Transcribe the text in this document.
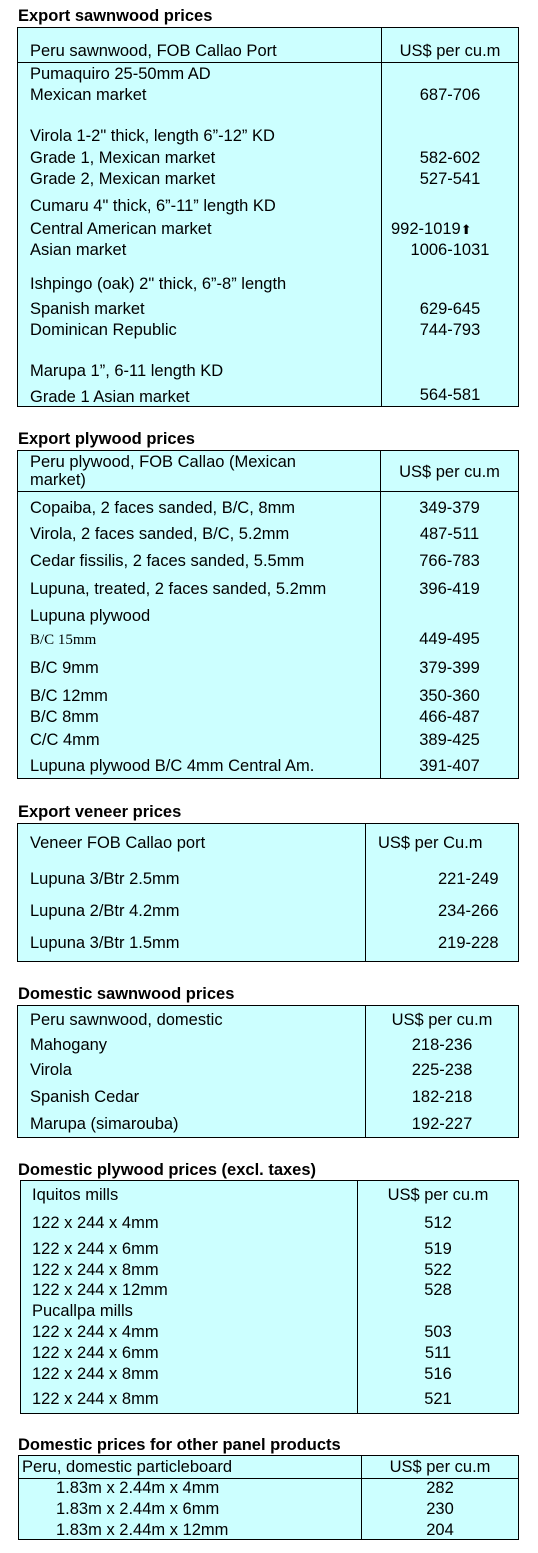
Export sawnwood prices
Peru sawnwood, FOB Callao Port	US$ per cu.m
Pumaquiro 25-50mm AD
Mexican market	687-706
Virola 1-2" thick, length 6”-12” KD
Grade 1, Mexican market	582-602
Grade 2, Mexican market	527-541
Cumaru 4" thick, 6”-11” length KD
Central American market	992-1019⬆
Asian market	1006-1031
Ishpingo (oak) 2" thick, 6”-8” length
Spanish market	629-645
Dominican Republic	744-793
Marupa 1”, 6-11 length KD
Grade 1 Asian market	564-581
Export plywood prices
Peru plywood, FOB Callao (Mexican
market)	US$ per cu.m
Copaiba, 2 faces sanded, B/C, 8mm	349-379
Virola, 2 faces sanded, B/C, 5.2mm	487-511
Cedar fissilis, 2 faces sanded, 5.5mm	766-783
Lupuna, treated, 2 faces sanded, 5.2mm	396-419
Lupuna plywood
B/C 15mm	449-495
B/C 9mm	379-399
B/C 12mm	350-360
B/C 8mm	466-487
C/C 4mm	389-425
Lupuna plywood B/C 4mm Central Am.	391-407
Export veneer prices
Veneer FOB Callao port	US$ per Cu.m
Lupuna 3/Btr 2.5mm	221-249
Lupuna 2/Btr 4.2mm	234-266
Lupuna 3/Btr 1.5mm	219-228
Domestic sawnwood prices
Peru sawnwood, domestic	US$ per cu.m
Mahogany	218-236
Virola	225-238
Spanish Cedar	182-218
Marupa (simarouba)	192-227
Domestic plywood prices (excl. taxes)
Iquitos mills	US$ per cu.m
122 x 244 x 4mm	512
122 x 244 x 6mm	519
122 x 244 x 8mm	522
122 x 244 x 12mm	528
Pucallpa mills
122 x 244 x 4mm	503
122 x 244 x 6mm	511
122 x 244 x 8mm	516
122 x 244 x 8mm	521
Domestic prices for other panel products
Peru, domestic particleboard	US$ per cu.m
1.83m x 2.44m x 4mm	282
1.83m x 2.44m x 6mm	230
1.83m x 2.44m x 12mm	204
